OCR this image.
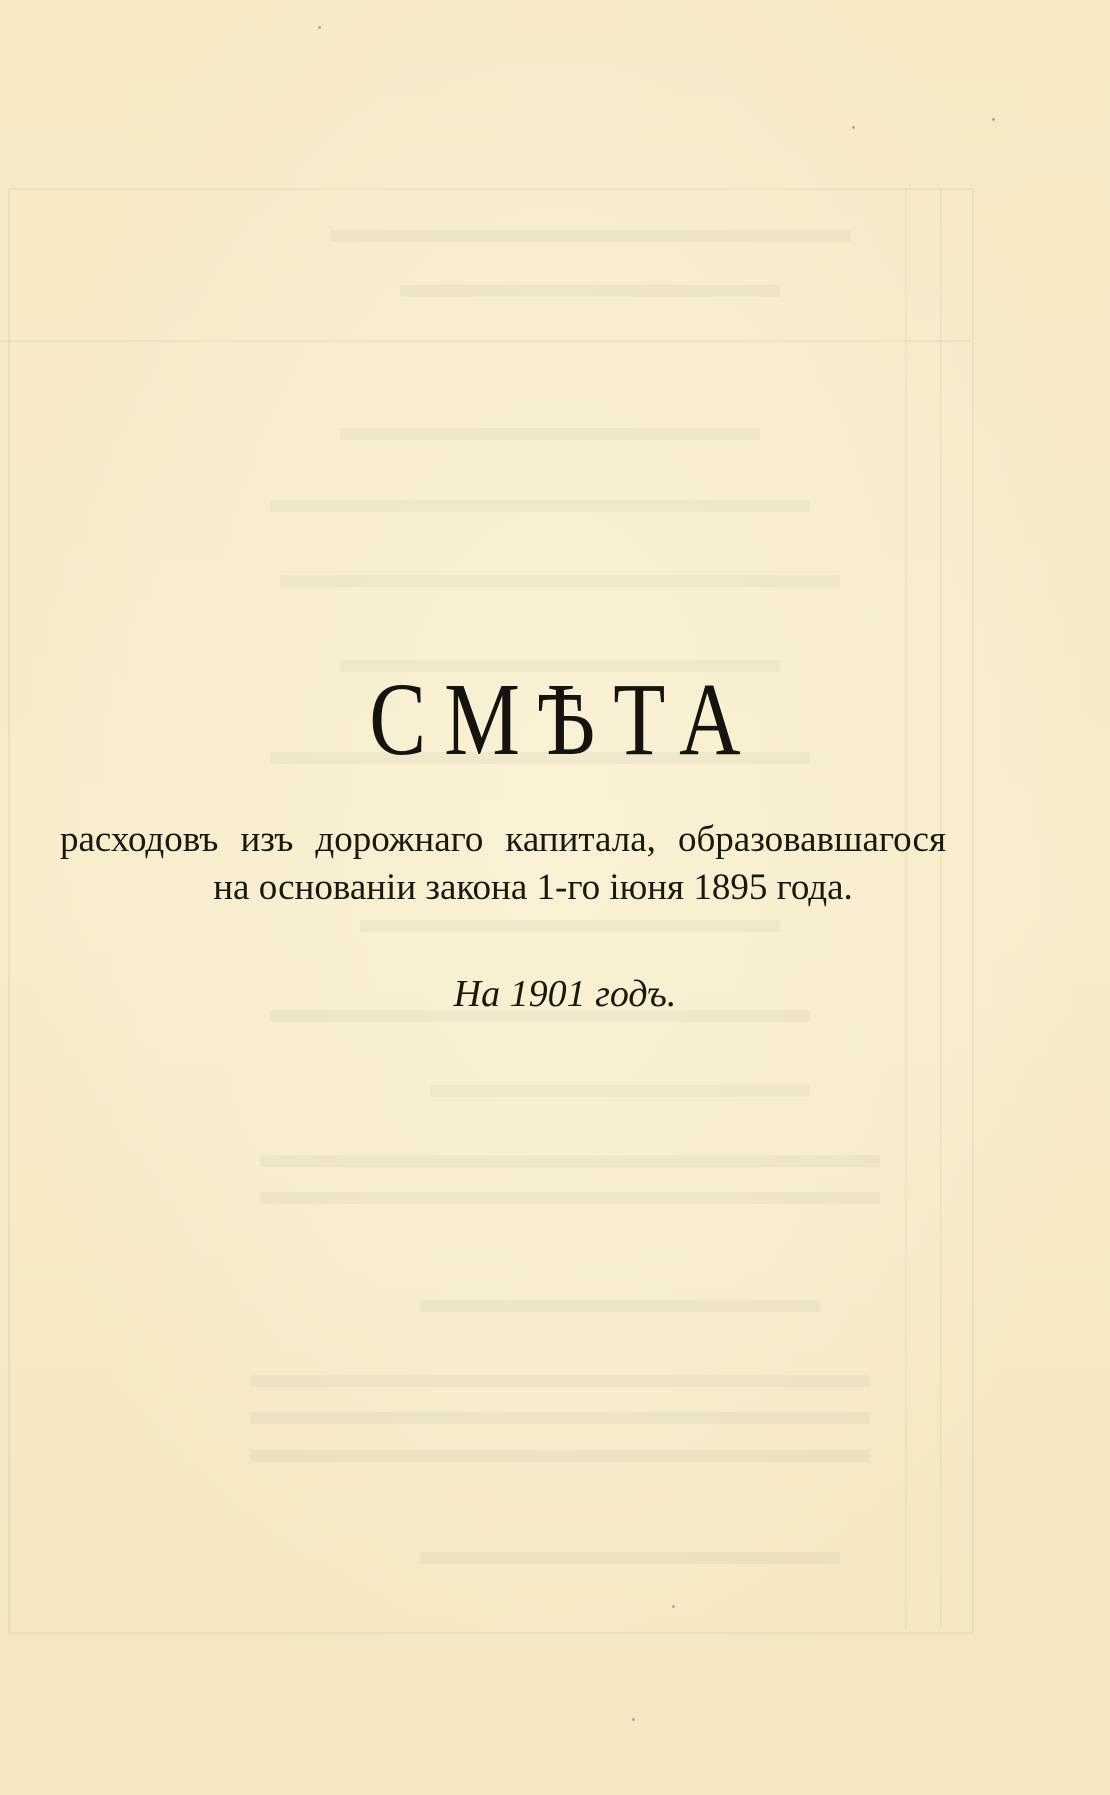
СМѢТА
расходовъ изъ дорожнаго капитала, образовавшагося
на основанiи закона 1-го iюня 1895 года.
На 1901 годъ.
